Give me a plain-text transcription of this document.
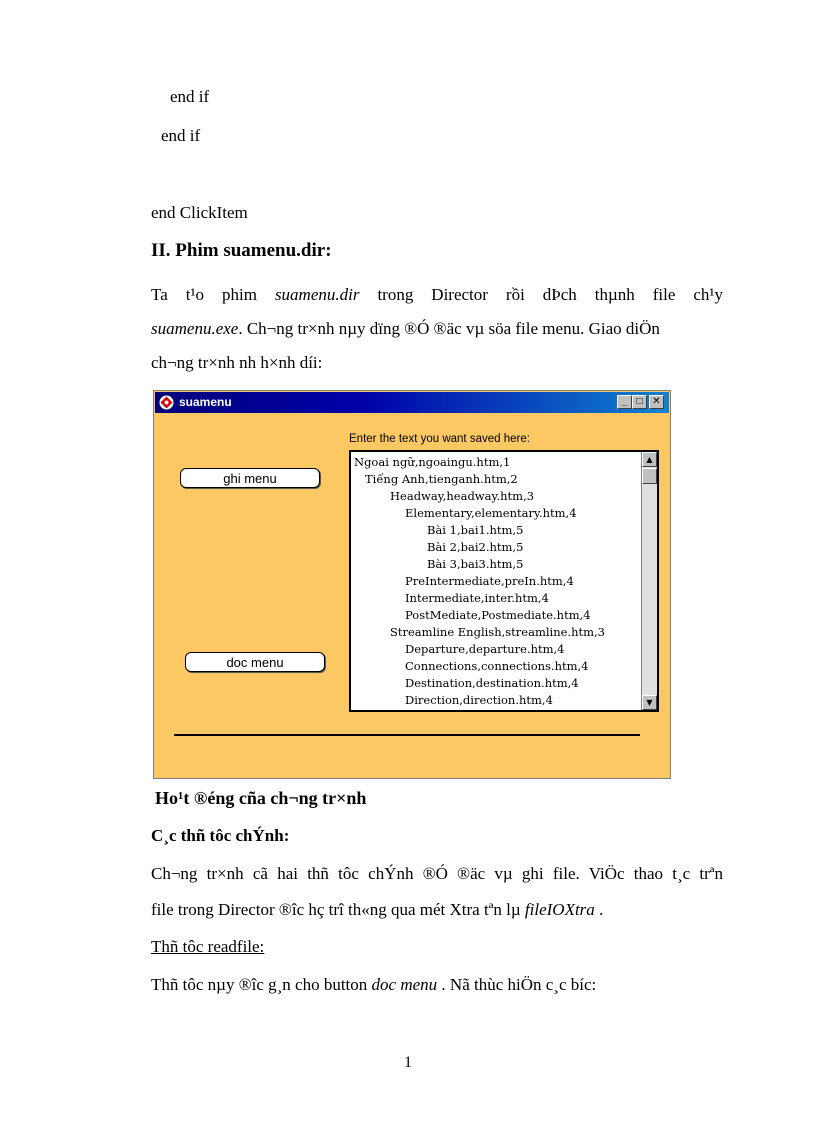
end if
end if
end ClickItem
II. Phim suamenu.dir:
Ta t¹o phim suamenu.dir trong Director rồi dÞch thµnh file ch¹y
suamenu.exe. Ch¬ng tr×nh nµy dïng ®Ó ®äc vµ söa file menu. Giao diÖn
ch¬ng tr×nh nh h×nh díi:
suamenu	_ □ ✕
ghi menu
doc menu
Enter the text you want saved here:
Ngoai ngữ,ngoaingu.htm,1
Tiếng Anh,tienganh.htm,2
Headway,headway.htm,3
Elementary,elementary.htm,4
Bài 1,bai1.htm,5
Bài 2,bai2.htm,5
Bài 3,bai3.htm,5
PreIntermediate,preIn.htm,4
Intermediate,inter.htm,4
PostMediate,Postmediate.htm,4
Streamline English,streamline.htm,3
Departure,departure.htm,4
Connections,connections.htm,4
Destination,destination.htm,4
Direction,direction.htm,4
▲
▼
Ho¹t ®éng cña ch¬ng tr×nh
C¸c thñ tôc chÝnh:
Ch¬ng tr×nh cã hai thñ tôc chÝnh ®Ó ®äc vµ ghi file. ViÖc thao t¸c trªn
file trong Director ®îc hç trî th«ng qua mét Xtra tªn lµ fileIOXtra .
Thñ tôc readfile:
Thñ tôc nµy ®îc g¸n cho button doc menu . Nã thùc hiÖn c¸c bíc:
1
